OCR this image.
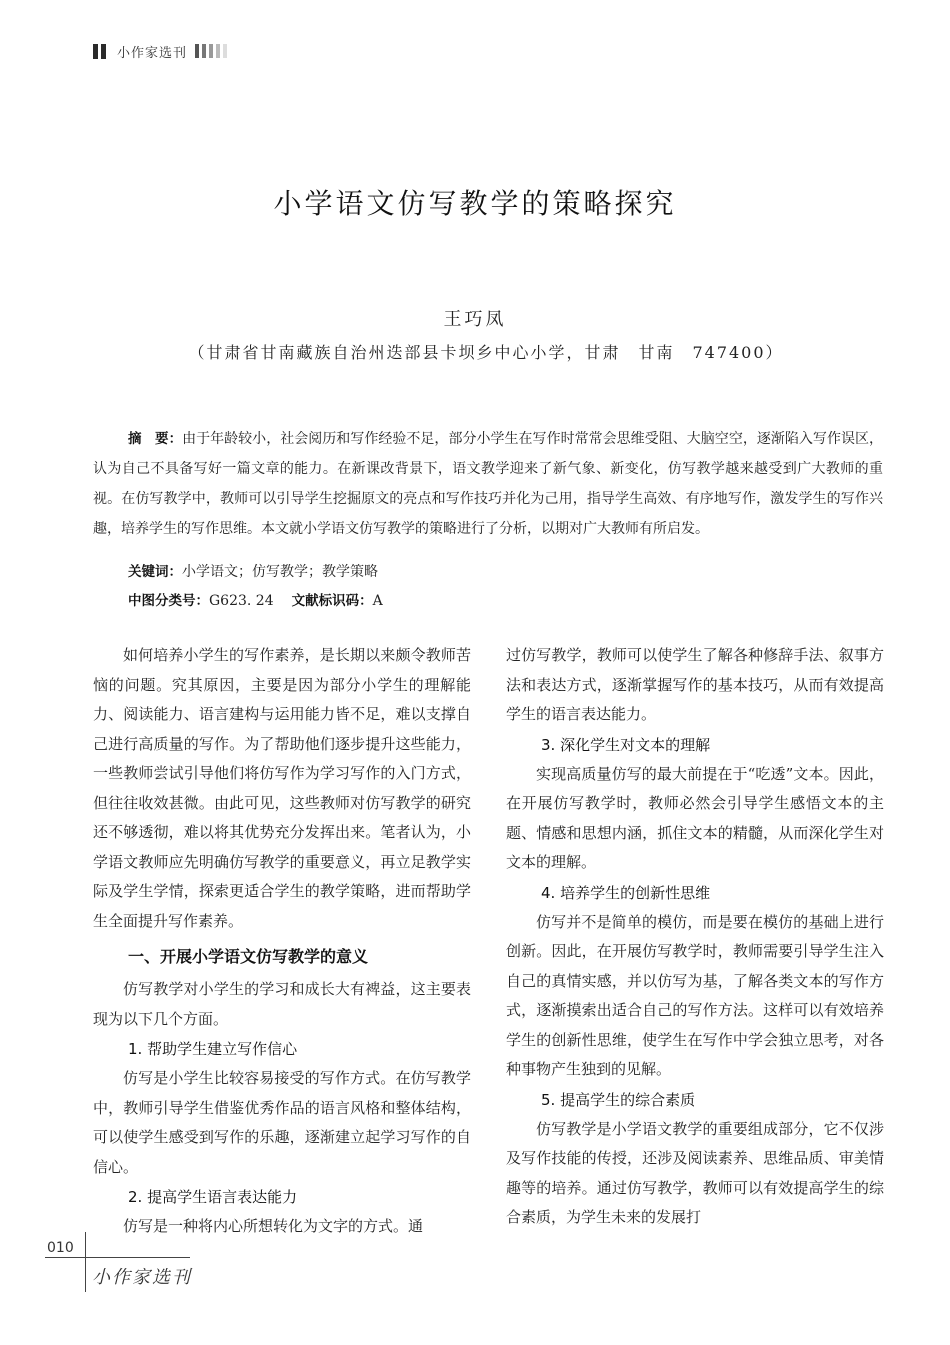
小作家选刊
小学语文仿写教学的策略探究
王巧凤
（甘肃省甘南藏族自治州迭部县卡坝乡中心小学，甘肃　甘南　747400）
摘　要：由于年龄较小，社会阅历和写作经验不足，部分小学生在写作时常常会思维受阻、大脑空空，逐渐陷入写作误区，认为自己不具备写好一篇文章的能力。在新课改背景下，语文教学迎来了新气象、新变化，仿写教学越来越受到广大教师的重视。在仿写教学中，教师可以引导学生挖掘原文的亮点和写作技巧并化为己用，指导学生高效、有序地写作，激发学生的写作兴趣，培养学生的写作思维。本文就小学语文仿写教学的策略进行了分析，以期对广大教师有所启发。
关键词：小学语文；仿写教学；教学策略
中图分类号：G623. 24 文献标识码：A

如何培养小学生的写作素养，是长期以来颇令教师苦恼的问题。究其原因，主要是因为部分小学生的理解能力、阅读能力、语言建构与运用能力皆不足，难以支撑自己进行高质量的写作。为了帮助他们逐步提升这些能力，一些教师尝试引导他们将仿写作为学习写作的入门方式，但往往收效甚微。由此可见，这些教师对仿写教学的研究还不够透彻，难以将其优势充分发挥出来。笔者认为，小学语文教师应先明确仿写教学的重要意义，再立足教学实际及学生学情，探索更适合学生的教学策略，进而帮助学生全面提升写作素养。

一、开展小学语文仿写教学的意义

仿写教学对小学生的学习和成长大有裨益，这主要表现为以下几个方面。

1. 帮助学生建立写作信心

仿写是小学生比较容易接受的写作方式。在仿写教学中，教师引导学生借鉴优秀作品的语言风格和整体结构，可以使学生感受到写作的乐趣，逐渐建立起学习写作的自信心。

2. 提高学生语言表达能力

仿写是一种将内心所想转化为文字的方式。通

过仿写教学，教师可以使学生了解各种修辞手法、叙事方法和表达方式，逐渐掌握写作的基本技巧，从而有效提高学生的语言表达能力。

3. 深化学生对文本的理解

实现高质量仿写的最大前提在于“吃透”文本。因此，在开展仿写教学时，教师必然会引导学生感悟文本的主题、情感和思想内涵，抓住文本的精髓，从而深化学生对文本的理解。

4. 培养学生的创新性思维

仿写并不是简单的模仿，而是要在模仿的基础上进行创新。因此，在开展仿写教学时，教师需要引导学生注入自己的真情实感，并以仿写为基，了解各类文本的写作方式，逐渐摸索出适合自己的写作方法。这样可以有效培养学生的创新性思维，使学生在写作中学会独立思考，对各种事物产生独到的见解。

5. 提高学生的综合素质

仿写教学是小学语文教学的重要组成部分，它不仅涉及写作技能的传授，还涉及阅读素养、思维品质、审美情趣等的培养。通过仿写教学，教师可以有效提高学生的综合素质，为学生未来的发展打

010
小作家选刊
